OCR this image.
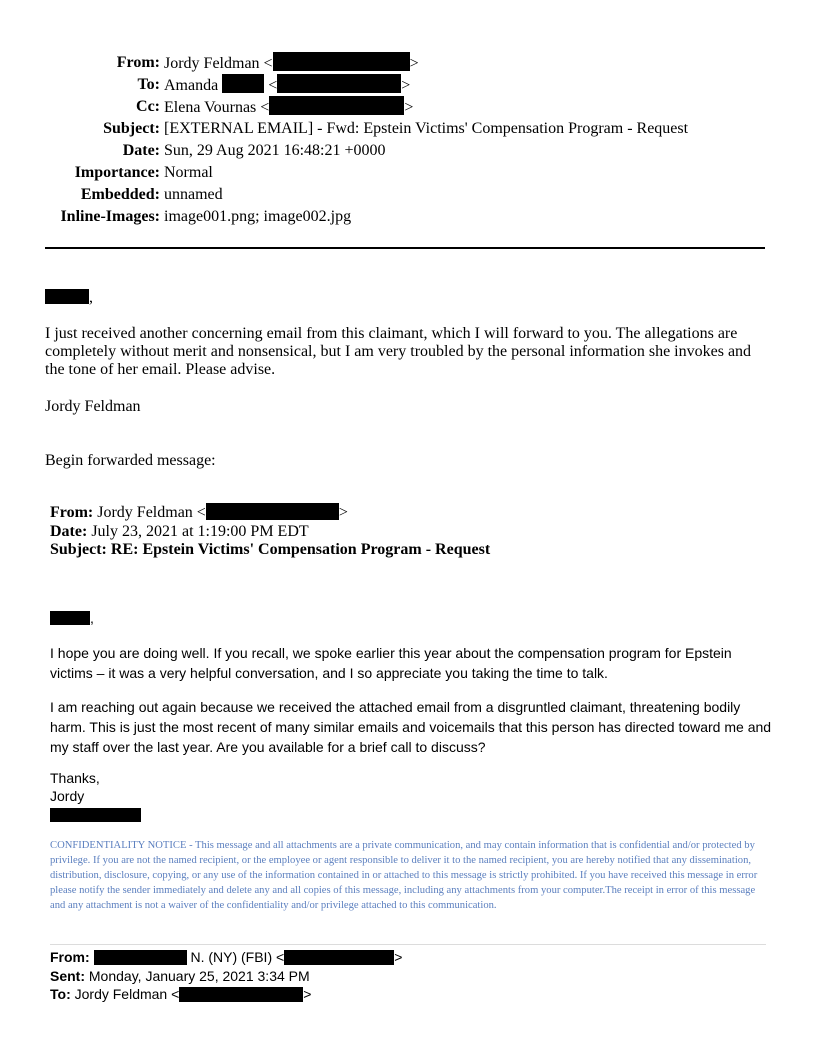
From: Jordy Feldman <	>
To: Amanda	<	>
Cc: Elena Vournas <	>
Subject: [EXTERNAL EMAIL] - Fwd: Epstein Victims' Compensation Program - Request
Date: Sun, 29 Aug 2021 16:48:21 +0000
Importance: Normal
Embedded: unnamed
Inline-Images: image001.png; image002.jpg
,
I just received another concerning email from this claimant, which I will forward to you. The allegations are completely without merit and nonsensical, but I am very troubled by the personal information she invokes and the tone of her email. Please advise.
Jordy Feldman
Begin forwarded message:
From: Jordy Feldman <	>
Date: July 23, 2021 at 1:19:00 PM EDT
Subject: RE: Epstein Victims' Compensation Program - Request
,
I hope you are doing well. If you recall, we spoke earlier this year about the compensation program for Epstein victims – it was a very helpful conversation, and I so appreciate you taking the time to talk.
I am reaching out again because we received the attached email from a disgruntled claimant, threatening bodily harm. This is just the most recent of many similar emails and voicemails that this person has directed toward me and my staff over the last year. Are you available for a brief call to discuss?
Thanks,
Jordy
CONFIDENTIALITY NOTICE - This message and all attachments are a private communication, and may contain information that is confidential and/or protected by privilege. If you are not the named recipient, or the employee or agent responsible to deliver it to the named recipient, you are hereby notified that any dissemination, distribution, disclosure, copying, or any use of the information contained in or attached to this message is strictly prohibited. If you have received this message in error please notify the sender immediately and delete any and all copies of this message, including any attachments from your computer.The receipt in error of this message and any attachment is not a waiver of the confidentiality and/or privilege attached to this communication.
From:	N. (NY) (FBI) <	>
Sent: Monday, January 25, 2021 3:34 PM
To: Jordy Feldman <	>
